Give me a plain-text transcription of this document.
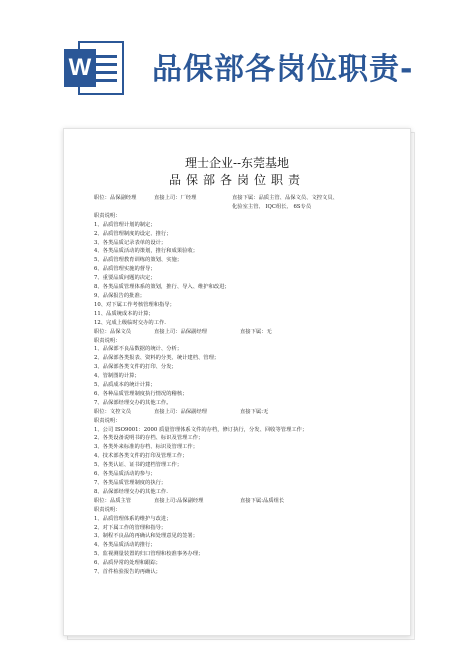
W 品保部各岗位职责-
理士企业--东莞基地
品保部各岗位职责
职位：品保副经理	直接上司：厂经理	直接下属：品质主管、品保文员、文控文员、
化验室主管、 IQC组长、 6S专员
职责说明：
1、品质管理计划的制定；
2、品质管理制度的设定、推行；
3、各类品质记录表单的设计；
4、各类品质活动的策划，推行和成果验收；
5、品质管理教育训练的策划、实施；
6、品质管理实施的督导；
7、重要品质问题的决定；
8、各类品质管理体系的策划，推行、导入、维护和改进；
9、品保报告的批准；
10、对下属工作考核管理和指导；
11、品质统成本的计算；
12、完成上级临时交办的工作.
职位：品保文员	直接上司：品保副经理	直接下属：无
职责说明：
1、品保部不良品数据的统计、分析；
2、品保部各类报表、资料的分类、统计建档、管理；
3、品保部各类文件的打印、分发；
4、管制图的计算；
5、品质成本的统计计算；
6、各种品质管理制度执行情况的稽核；
7、品保部经理交办的其他工作。
职位：文控文员	直接上司：品保副经理	直接下属:无
职责说明：
1、公司 ISO9001：2000 质量管理体系文件的存档，修订执行，分发、回收等管理工作；
2、各类设备说明书的存档、标识及管理工作；
3、各类外来标准的存档、标识及管理工作；
4、技术部各类文件的打印及管理工作；
5、各类认证、证书的建档管理工作；
6、各类品质活动的参与；
7、各类品质管理制度的执行；
8、品保部经理交办的其他工作.
职位：品质主管	直接上司:品保副经理	直接下属:品质组长
职责说明：
1、品质管理体系的维护与改进；
2、对下属工作的管理和指导；
3、制程不良品的再确认和处理意见的签署；
4、各类品质活动的推行；
5、监视测量装置的归口管理和校准事务办理；
6、品质异常的处理和跟踪；
7、首件检验报告的再确认；
